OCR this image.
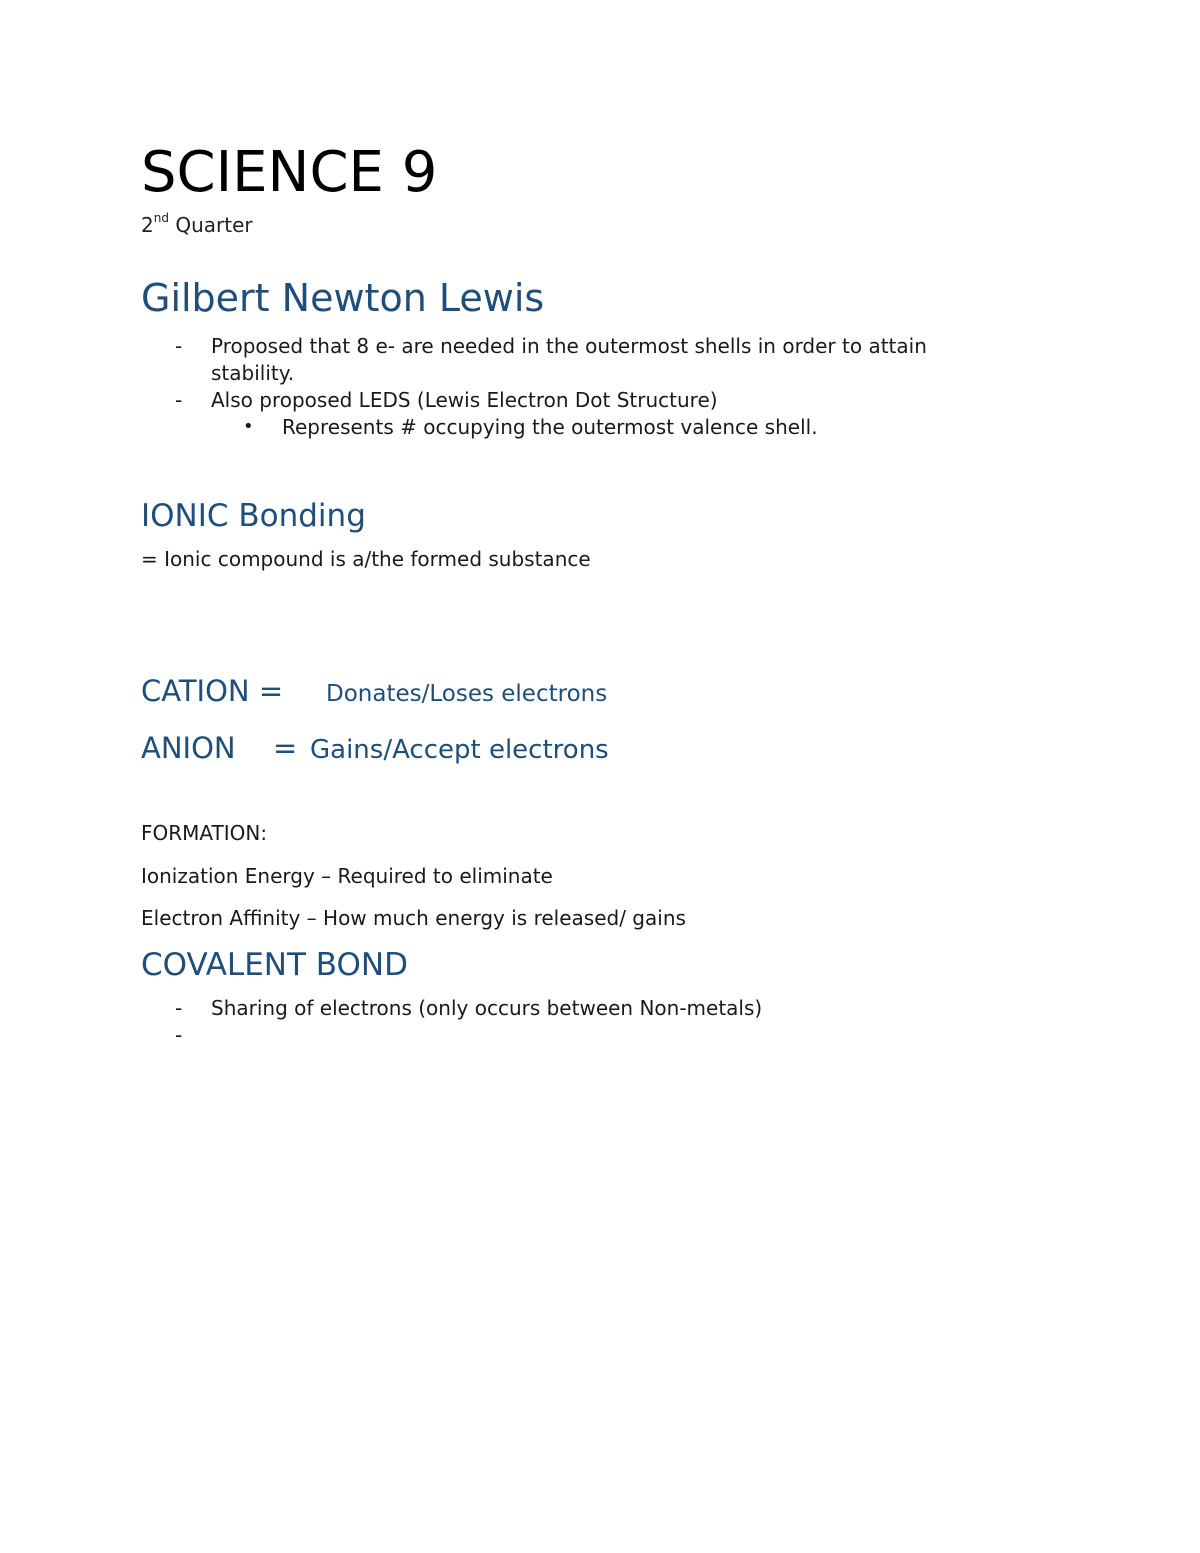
SCIENCE 9
2nd Quarter
Gilbert Newton Lewis
- Proposed that 8 e- are needed in the outermost shells in order to attain
stability.
- Also proposed LEDS (Lewis Electron Dot Structure)
• Represents # occupying the outermost valence shell.
IONIC Bonding
= Ionic compound is a/the formed substance
CATION = Donates/Loses electrons
ANION = Gains/Accept electrons
FORMATION:
Ionization Energy – Required to eliminate
Electron Affinity – How much energy is released/ gains
COVALENT BOND
- Sharing of electrons (only occurs between Non-metals)
-
